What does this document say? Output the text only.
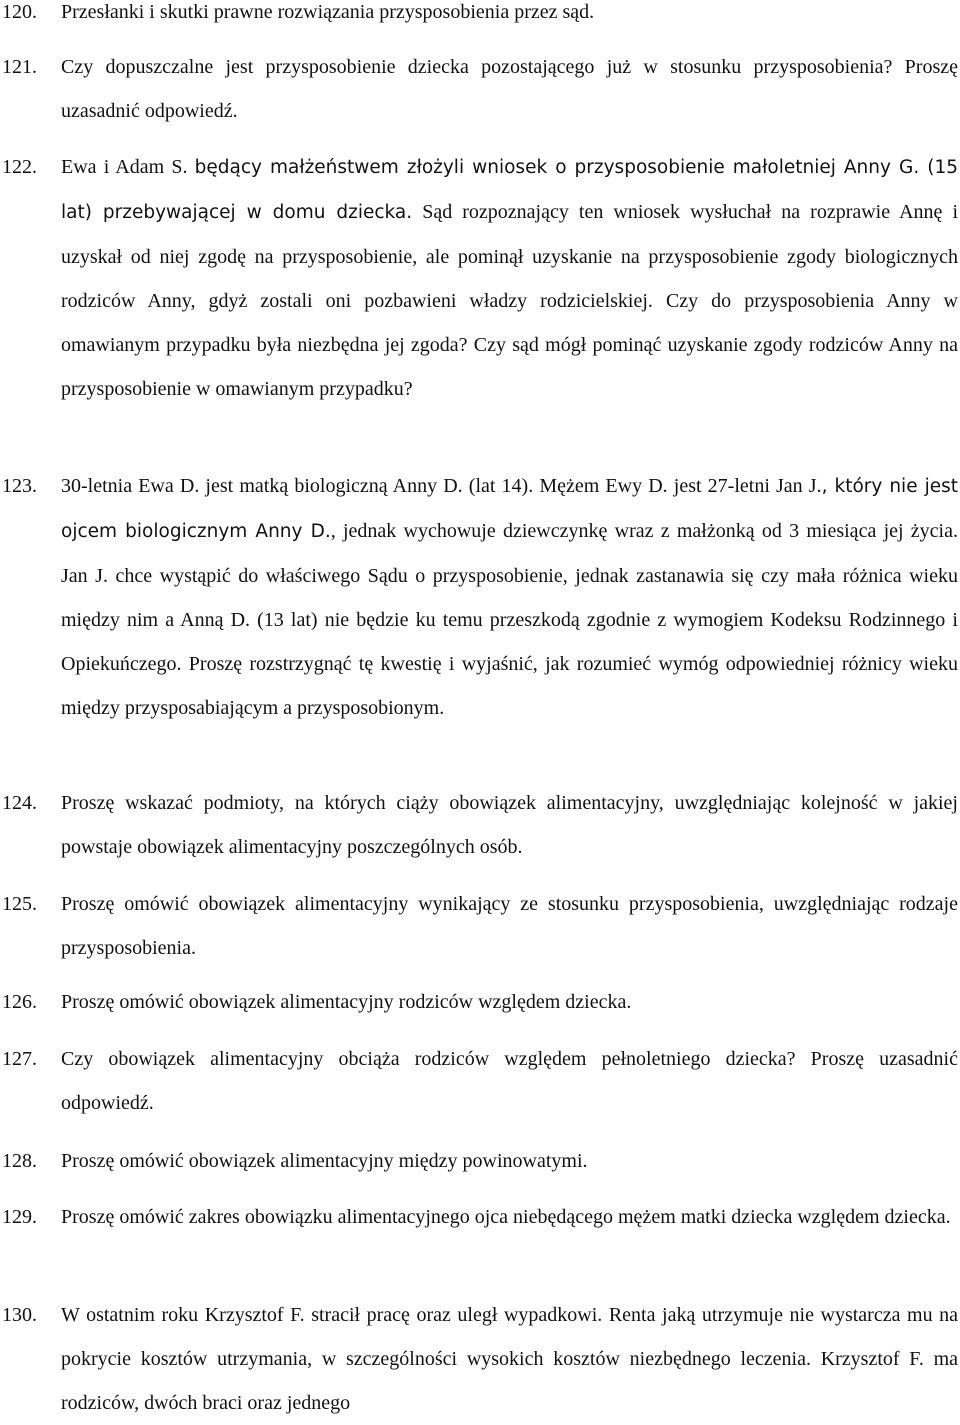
120. Przesłanki i skutki prawne rozwiązania przysposobienia przez sąd.
121. Czy dopuszczalne jest przysposobienie dziecka pozostającego już w stosunku przysposobienia? Proszę uzasadnić odpowiedź.
122. Ewa i Adam S. będący małżeństwem złożyli wniosek o przysposobienie małoletniej Anny G. (15 lat) przebywającej w domu dziecka. Sąd rozpoznający ten wniosek wysłuchał na rozprawie Annę i uzyskał od niej zgodę na przysposobienie, ale pominął uzyskanie na przysposobienie zgody biologicznych rodziców Anny, gdyż zostali oni pozbawieni władzy rodzicielskiej. Czy do przysposobienia Anny w omawianym przypadku była niezbędna jej zgoda? Czy sąd mógł pominąć uzyskanie zgody rodziców Anny na przysposobienie w omawianym przypadku?
123. 30-letnia Ewa D. jest matką biologiczną Anny D. (lat 14). Mężem Ewy D. jest 27-letni Jan J., który nie jest ojcem biologicznym Anny D., jednak wychowuje dziewczynkę wraz z małżonką od 3 miesiąca jej życia. Jan J. chce wystąpić do właściwego Sądu o przysposobienie, jednak zastanawia się czy mała różnica wieku między nim a Anną D. (13 lat) nie będzie ku temu przeszkodą zgodnie z wymogiem Kodeksu Rodzinnego i Opiekuńczego. Proszę rozstrzygnąć tę kwestię i wyjaśnić, jak rozumieć wymóg odpowiedniej różnicy wieku między przysposabiającym a przysposobionym.
124. Proszę wskazać podmioty, na których ciąży obowiązek alimentacyjny, uwzględniając kolejność w jakiej powstaje obowiązek alimentacyjny poszczególnych osób.
125. Proszę omówić obowiązek alimentacyjny wynikający ze stosunku przysposobienia, uwzględniając rodzaje przysposobienia.
126. Proszę omówić obowiązek alimentacyjny rodziców względem dziecka.
127. Czy obowiązek alimentacyjny obciąża rodziców względem pełnoletniego dziecka? Proszę uzasadnić odpowiedź.
128. Proszę omówić obowiązek alimentacyjny między powinowatymi.
129. Proszę omówić zakres obowiązku alimentacyjnego ojca niebędącego mężem matki dziecka względem dziecka.
130. W ostatnim roku Krzysztof F. stracił pracę oraz uległ wypadkowi. Renta jaką utrzymuje nie wystarcza mu na pokrycie kosztów utrzymania, w szczególności wysokich kosztów niezbędnego leczenia. Krzysztof F. ma rodziców, dwóch braci oraz jednego
